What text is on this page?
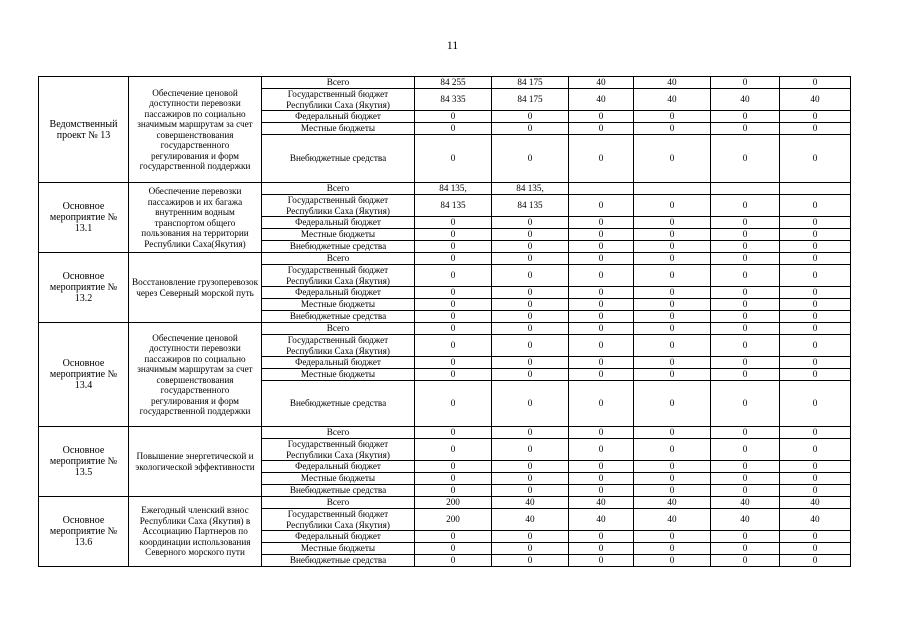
11
Ведомственный проект № 13	Обеспечение ценовой доступности перевозки пассажиров по социально значимым маршрутам за счет совершенствования государственного регулирования и форм государственной поддержки	Всего	84 255	84 175	40	40	0	0
		Государственный бюджет Республики Саха (Якутия)	84 335	84 175	40	40	40	40
		Федеральный бюджет	0	0	0	0	0	0
		Местные бюджеты	0	0	0	0	0	0
		Внебюджетные средства	0	0	0	0	0	0
Основное мероприятие № 13.1	Обеспечение перевозки пассажиров и их багажа внутренним водным транспортом общего пользования на территории Республики Саха(Якутия)	Всего	84 135,	84 135,				
		Государственный бюджет Республики Саха (Якутия)	84 135	84 135	0	0	0	0
		Федеральный бюджет	0	0	0	0	0	0
		Местные бюджеты	0	0	0	0	0	0
		Внебюджетные средства	0	0	0	0	0	0
Основное мероприятие № 13.2	Восстановление грузоперевозок через Северный морской путь	Всего	0	0	0	0	0	0
		Государственный бюджет Республики Саха (Якутия)	0	0	0	0	0	0
		Федеральный бюджет	0	0	0	0	0	0
		Местные бюджеты	0	0	0	0	0	0
		Внебюджетные средства	0	0	0	0	0	0
Основное мероприятие № 13.4	Обеспечение ценовой доступности перевозки пассажиров по социально значимым маршрутам за счет совершенствования государственного регулирования и форм государственной поддержки	Всего	0	0	0	0	0	0
		Государственный бюджет Республики Саха (Якутия)	0	0	0	0	0	0
		Федеральный бюджет	0	0	0	0	0	0
		Местные бюджеты	0	0	0	0	0	0
		Внебюджетные средства	0	0	0	0	0	0
Основное мероприятие № 13.5	Повышение энергетической и экологической эффективности	Всего	0	0	0	0	0	0
		Государственный бюджет Республики Саха (Якутия)	0	0	0	0	0	0
		Федеральный бюджет	0	0	0	0	0	0
		Местные бюджеты	0	0	0	0	0	0
		Внебюджетные средства	0	0	0	0	0	0
Основное мероприятие № 13.6	Ежегодный членский взнос Республики Саха (Якутия) в Ассоциацию Партнеров по координации использования Северного морского пути	Всего	200	40	40	40	40	40
		Государственный бюджет Республики Саха (Якутия)	200	40	40	40	40	40
		Федеральный бюджет	0	0	0	0	0	0
		Местные бюджеты	0	0	0	0	0	0
		Внебюджетные средства	0	0	0	0	0	0
